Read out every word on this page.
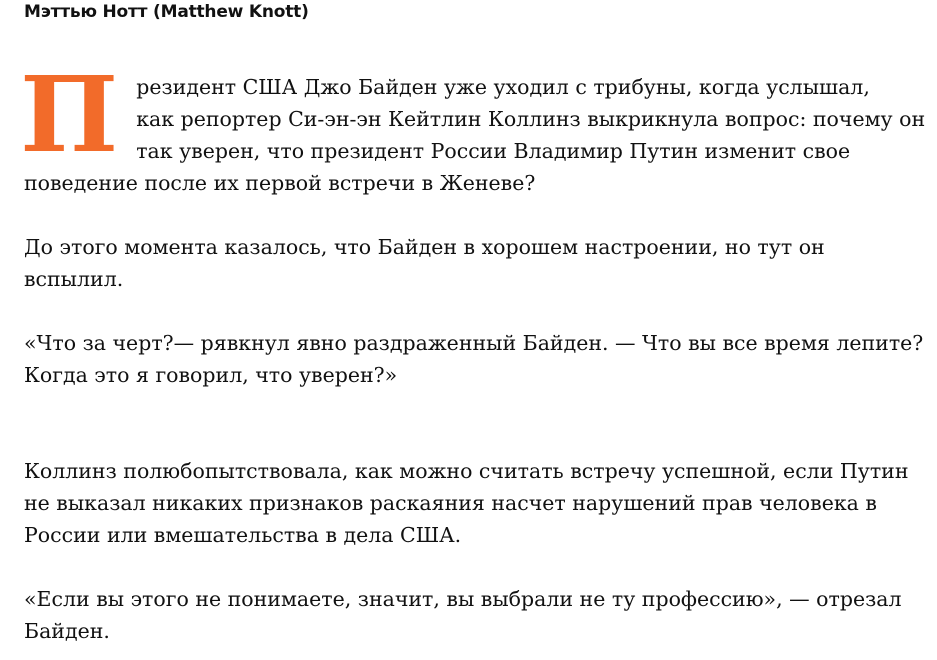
Мэттью Нотт (Matthew Knott)

П резидент США Джо Байден уже уходил с трибуны, когда услышал,
как репортер Си-эн-эн Кейтлин Коллинз выкрикнула вопрос: почему он
так уверен, что президент России Владимир Путин изменит свое
поведение после их первой встречи в Женеве?

До этого момента казалось, что Байден в хорошем настроении, но тут он вспылил.

«Что за черт?— рявкнул явно раздраженный Байден. — Что вы все время лепите? Когда это я говорил, что уверен?»

Коллинз полюбопытствовала, как можно считать встречу успешной, если Путин не выказал никаких признаков раскаяния насчет нарушений прав человека в России или вмешательства в дела США.

«Если вы этого не понимаете, значит, вы выбрали не ту профессию», — отрезал Байден.
